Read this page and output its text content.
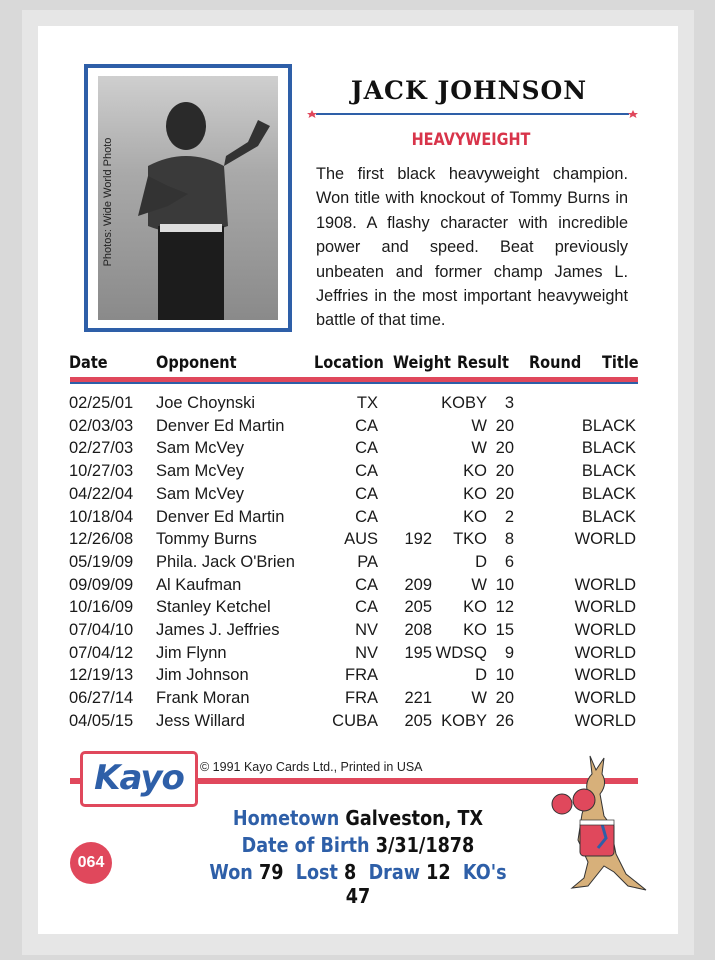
Photos: Wide World Photo
JACK JOHNSON
HEAVYWEIGHT
The first black heavyweight champion. Won title with knockout of Tommy Burns in 1908. A flashy character with incredible power and speed. Beat previously unbeaten and former champ James L. Jeffries in the most important heavyweight battle of that time.
Date	Opponent	Location Weight Result Round Title
02/25/01 Joe Choynski	TX	KOBY 3
02/03/03 Denver Ed Martin	CA	W 20	BLACK
02/27/03 Sam McVey	CA	W 20	BLACK
10/27/03 Sam McVey	CA	KO 20	BLACK
04/22/04 Sam McVey	CA	KO 20	BLACK
10/18/04 Denver Ed Martin	CA	KO 2	BLACK
12/26/08 Tommy Burns	AUS 192 TKO 8	WORLD
05/19/09 Phila. Jack O'Brien	PA	D 6
09/09/09 Al Kaufman	CA 209 W 10	WORLD
10/16/09 Stanley Ketchel	CA 205 KO 12	WORLD
07/04/10 James J. Jeffries	NV 208 KO 15	WORLD
07/04/12 Jim Flynn	NV 195 WDSQ 9	WORLD
12/19/13 Jim Johnson	FRA	D 10	WORLD
06/27/14 Frank Moran	FRA 221 W 20	WORLD
04/05/15 Jess Willard	CUBA 205 KOBY 26	WORLD
Kayo	© 1991 Kayo Cards Ltd., Printed in USA
Hometown Galveston, TX
Date of Birth 3/31/1878
Won 79 Lost 8 Draw 12 KO's 47
064
